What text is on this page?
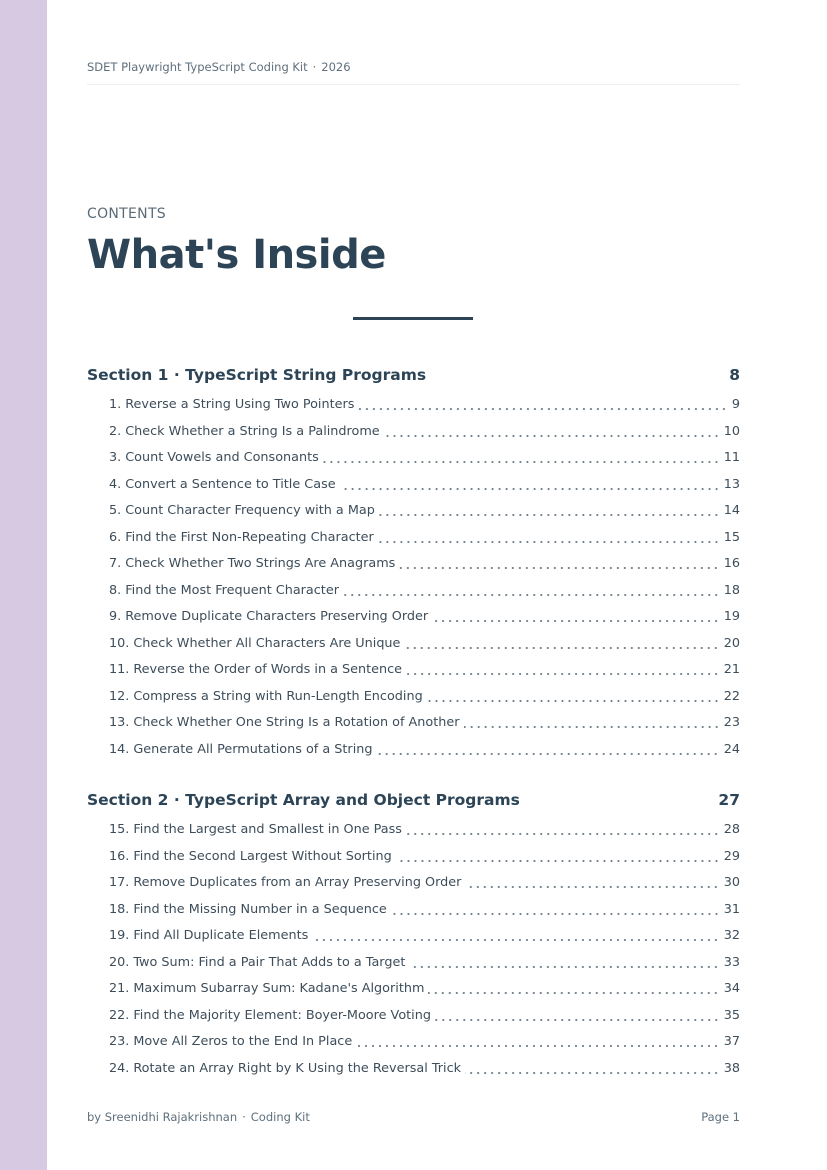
SDET Playwright TypeScript Coding Kit · 2026
CONTENTS
What's Inside
Section 1 · TypeScript String Programs	8
1. Reverse a String Using Two Pointers	9
2. Check Whether a String Is a Palindrome	10
3. Count Vowels and Consonants	11
4. Convert a Sentence to Title Case	13
5. Count Character Frequency with a Map	14
6. Find the First Non-Repeating Character	15
7. Check Whether Two Strings Are Anagrams	16
8. Find the Most Frequent Character	18
9. Remove Duplicate Characters Preserving Order	19
10. Check Whether All Characters Are Unique	20
11. Reverse the Order of Words in a Sentence	21
12. Compress a String with Run-Length Encoding	22
13. Check Whether One String Is a Rotation of Another	23
14. Generate All Permutations of a String	24
Section 2 · TypeScript Array and Object Programs	27
15. Find the Largest and Smallest in One Pass	28
16. Find the Second Largest Without Sorting	29
17. Remove Duplicates from an Array Preserving Order	30
18. Find the Missing Number in a Sequence	31
19. Find All Duplicate Elements	32
20. Two Sum: Find a Pair That Adds to a Target	33
21. Maximum Subarray Sum: Kadane's Algorithm	34
22. Find the Majority Element: Boyer-Moore Voting	35
23. Move All Zeros to the End In Place	37
24. Rotate an Array Right by K Using the Reversal Trick	38
by Sreenidhi Rajakrishnan · Coding Kit	Page 1
